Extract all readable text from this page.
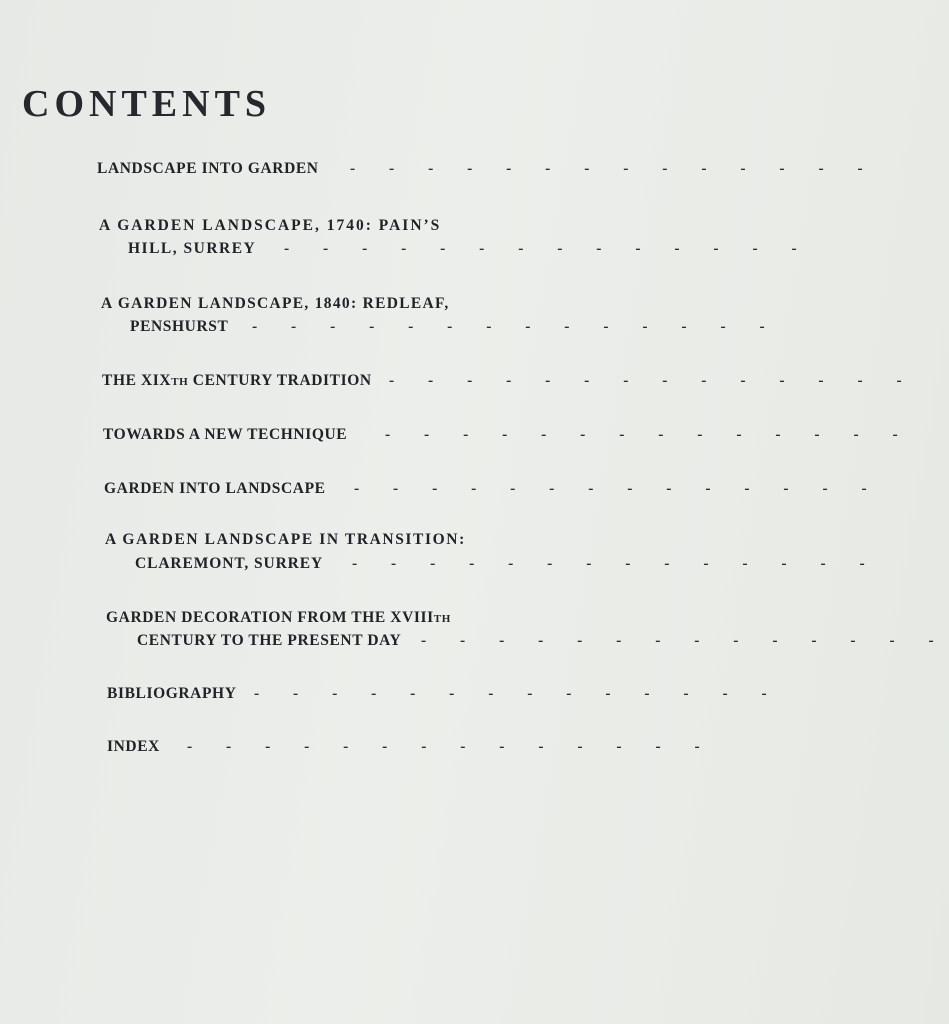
CONTENTS
LANDSCAPE INTO GARDEN - - - - - - - - - - - - - -
A GARDEN LANDSCAPE, 1740: PAIN’S
HILL, SURREY - - - - - - - - - - - - - -
A GARDEN LANDSCAPE, 1840: REDLEAF,
PENSHURST - - - - - - - - - - - - - -
THE XIXTH CENTURY TRADITION - - - - - - - - - - - - - -
TOWARDS A NEW TECHNIQUE - - - - - - - - - - - - - -
GARDEN INTO LANDSCAPE - - - - - - - - - - - - - -
A GARDEN LANDSCAPE IN TRANSITION:
CLAREMONT, SURREY - - - - - - - - - - - - - -
GARDEN DECORATION FROM THE XVIIITH
CENTURY TO THE PRESENT DAY - - - - - - - - - - - - - -
BIBLIOGRAPHY - - - - - - - - - - - - - -
INDEX - - - - - - - - - - - - - -
